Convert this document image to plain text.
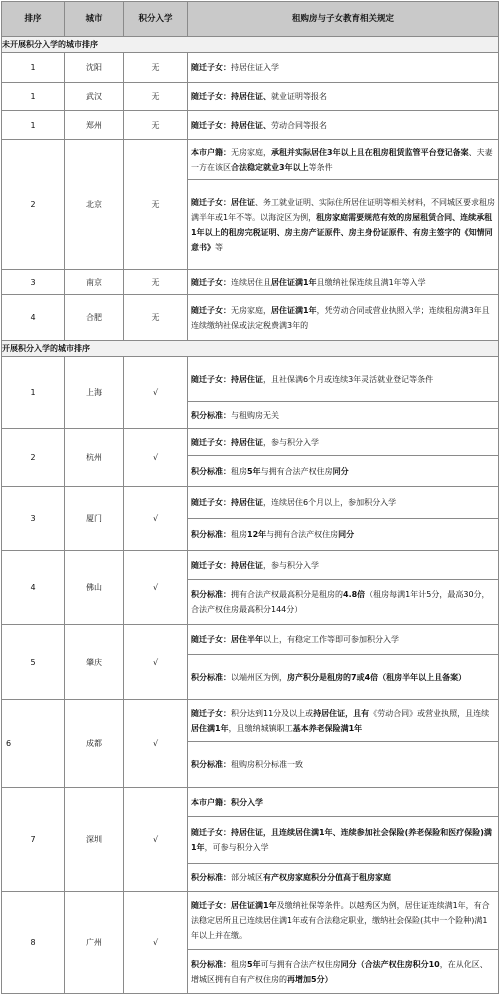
排序	城市	积分入学	租购房与子女教育相关规定
未开展积分入学的城市排序			
1	沈阳	无	随迁子女：持居住证入学
1	武汉	无	随迁子女：持居住证、就业证明等报名
1	郑州	无	随迁子女：持居住证、劳动合同等报名
2	北京	无	本市户籍：无房家庭，承租并实际居住3年以上且在租房租赁监管平台登记备案、夫妻一方在该区合法稳定就业3年以上等条件
			随迁子女：居住证、务工就业证明、实际住所居住证明等相关材料，不同城区要求租房满半年或1年不等。以海淀区为例，租房家庭需要规范有效的房屋租赁合同、连续承租1年以上的租房完税证明、房主房产证原件、房主身份证原件、有房主签字的《知情同意书》等
3	南京	无	随迁子女：连续居住且居住证满1年且缴纳社保连续且满1年等入学
4	合肥	无	随迁子女：无房家庭，居住证满1年，凭劳动合同或营业执照入学；连续租房满3年且连续缴纳社保或法定税费满3年的
开展积分入学的城市排序			
1	上海	√	随迁子女：持居住证，且社保满6个月或连续3年灵活就业登记等条件
			积分标准：与租购房无关
2	杭州	√	随迁子女：持居住证，参与积分入学
			积分标准：租房5年与拥有合法产权住房同分
3	厦门	√	随迁子女：持居住证，连续居住6个月以上，参加积分入学
			积分标准：租房12年与拥有合法产权住房同分
4	佛山	√	随迁子女：持居住证，参与积分入学
			积分标准：拥有合法产权最高积分是租房的4.8倍（租房每满1年计5分，最高30分，合法产权住房最高积分144分）
5	肇庆	√	随迁子女：居住半年以上，有稳定工作等即可参加积分入学
			积分标准：以端州区为例，房产积分是租房的7或4倍（租房半年以上且备案）
6	成都	√	随迁子女：积分达到11分及以上或持居住证，且有《劳动合同》或营业执照，且连续居住满1年，且缴纳城镇职工基本养老保险满1年
			积分标准：租购房积分标准一致
7	深圳	√	本市户籍：积分入学
			随迁子女：持居住证，且连续居住满1年、连续参加社会保险(养老保险和医疗保险)满1年，可参与积分入学
			积分标准：部分城区有产权房家庭积分分值高于租房家庭
8	广州	√	随迁子女：居住证满1年及缴纳社保等条件。以越秀区为例，居住证连续满1年，有合法稳定居所且已连续居住满1年或有合法稳定职业，缴纳社会保险(其中一个险种)满1年以上并在缴。
			积分标准：租房5年可与拥有合法产权住房同分（合法产权住房积分10，在从化区、增城区拥有自有产权住房的再增加5分）
